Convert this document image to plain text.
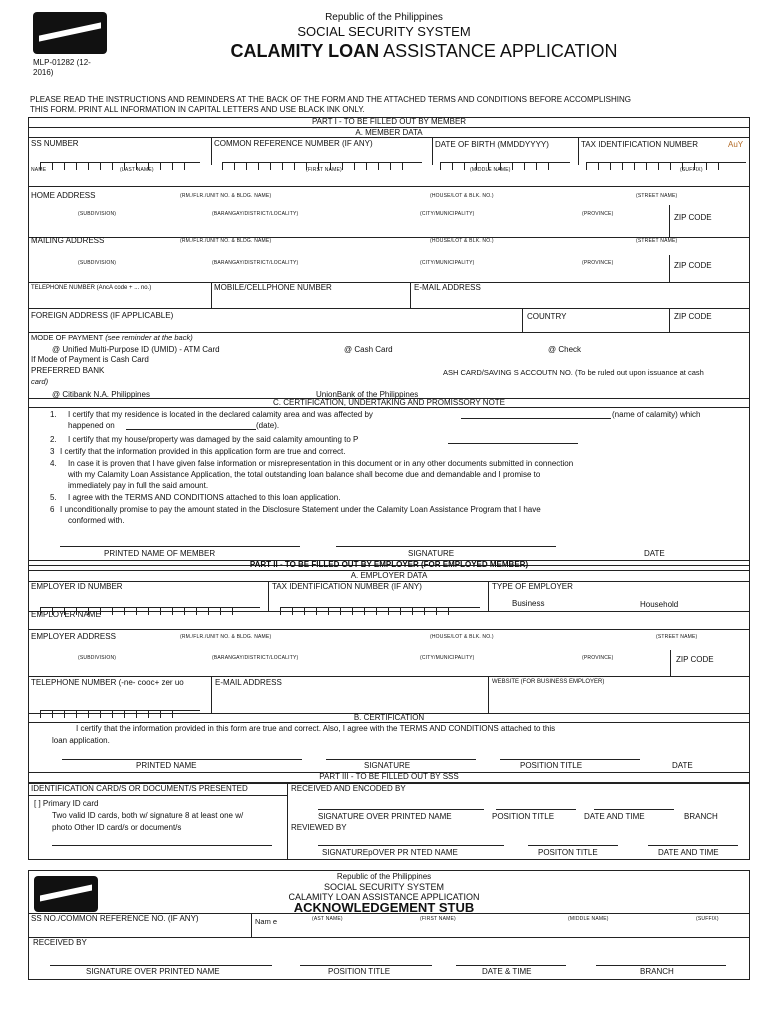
Republic of the Philippines
SOCIAL SECURITY SYSTEM
CALAMITY LOAN ASSISTANCE APPLICATION
MLP-01282 (12-
2016)
PLEASE READ THE INSTRUCTIONS AND REMINDERS AT THE BACK OF THE FORM AND THE ATTACHED TERMS AND CONDITIONS BEFORE ACCOMPLISHING
THIS FORM. PRINT ALL INFORMATION IN CAPITAL LETTERS AND USE BLACK INK ONLY.
PART I - TO BE FILLED OUT BY MEMBER
A. MEMBER DATA
SS NUMBER	COMMON REFERENCE NUMBER (IF ANY)	DATE OF BIRTH (MMDDYYYY)	TAX IDENTIFICATION NUMBER	AuY
NAME	(LAST NAME)	(FIRST NAME)	(MIDDLE NAME)	(SUFFIX)
HOME ADDRESS	(RM./FLR./UNIT NO. & BLDG. NAME)	(HOUSE/LOT & BLK. NO.)	(STREET NAME)
(SUBDIVISION)	(BARANGAY/DISTRICT/LOCALITY)	(CITY/MUNICIPALITY)	(PROVINCE)	ZIP CODE
MAILING ADDRESS	(RM./FLR./UNIT NO. & BLDG. NAME)	(HOUSE/LOT & BLK. NO.)	(STREET NAME)
(SUBDIVISION)	(BARANGAY/DISTRICT/LOCALITY)	(CITY/MUNICIPALITY)	(PROVINCE)	ZIP CODE
TELEPHONE NUMBER (AncA code + ... no.)	MOBILE/CELLPHONE NUMBER	E-MAIL ADDRESS
FOREIGN ADDRESS (IF APPLICABLE)	COUNTRY	ZIP CODE
MODE OF PAYMENT (see reminder at the back)
@ Unified Multi-Purpose ID (UMID) - ATM Card	@ Cash Card	@ Check
If Mode of Payment is Cash Card
PREFERRED BANK	ASH CARD/SAVING S ACCOUTN NO. (To be ruled out upon issuance at cash
card)
@ Citibank N.A. Philippines	UnionBank of the Philippines
C. CERTIFICATION, UNDERTAKING AND PROMISSORY NOTE
1. I certify that my residence is located in the declared calamity area and was affected by	(name of calamity) which
happened on	(date).
2. I certify that my house/property was damaged by the said calamity amounting to P
3 I certify that the information provided in this application form are true and correct.
4. In case it is proven that I have given false information or misrepresentation in this document or in any other documents submitted in connection
with my Calamity Loan Assistance Application, the total outstanding loan balance shall become due and demandable and I promise to
immediately pay in full the said amount.
5. I agree with the TERMS AND CONDITIONS attached to this loan application.
6 I unconditionally promise to pay the amount stated in the Disclosure Statement under the Calamity Loan Assistance Program that I have
conformed with.
PRINTED NAME OF MEMBER	SIGNATURE	DATE
PART II - TO BE FILLED OUT BY EMPLOYER (FOR EMPLOYED MEMBER)
A. EMPLOYER DATA
EMPLOYER ID NUMBER	TAX IDENTIFICATION NUMBER (IF ANY)	TYPE OF EMPLOYER
Business	Household
EMPLOYER NAME
EMPLOYER ADDRESS	(RM./FLR./UNIT NO. & BLDG. NAME)	(HOUSE/LOT & BLK. NO.)	(STREET NAME)
(SUBDIVISION)	(BARANGAY/DISTRICT/LOCALITY)	(CITY/MUNICIPALITY)	(PROVINCE)	ZIP CODE
TELEPHONE NUMBER (-ne- cooc+ zer uo	E-MAIL ADDRESS	WEBSITE (FOR BUSINESS EMPLOYER)
B. CERTIFICATION
I certify that the information provided in this form are true and correct. Also, I agree with the TERMS AND CONDITIONS attached to this
loan application.
PRINTED NAME	SIGNATURE	POSITION TITLE	DATE
PART III - TO BE FILLED OUT BY SSS
IDENTIFICATION CARD/S OR DOCUMENT/S PRESENTED
[ ] Primary ID card
Two valid ID cards, both w/ signature 8 at least one w/
photo Other ID card/s or document/s
RECEIVED AND ENCODED BY
SIGNATURE OVER PRINTED NAME	POSITION TITLE	DATE AND TIME	BRANCH
REVIEWED BY
SIGNATUREpOVER PR NTED NAME	POSITON TITLE	DATE AND TIME
Republic of the Philippines
SOCIAL SECURITY SYSTEM
CALAMITY LOAN ASSISTANCE APPLICATION
ACKNOWLEDGEMENT STUB
SS NO./COMMON REFERENCE NO. (IF ANY)	Nam e	(AST NAME)	(FIRST NAME)	(MIDDLE NAME)	(SUFFIX)
RECEIVED BY
SIGNATURE OVER PRINTED NAME	POSITION TITLE	DATE & TIME	BRANCH
